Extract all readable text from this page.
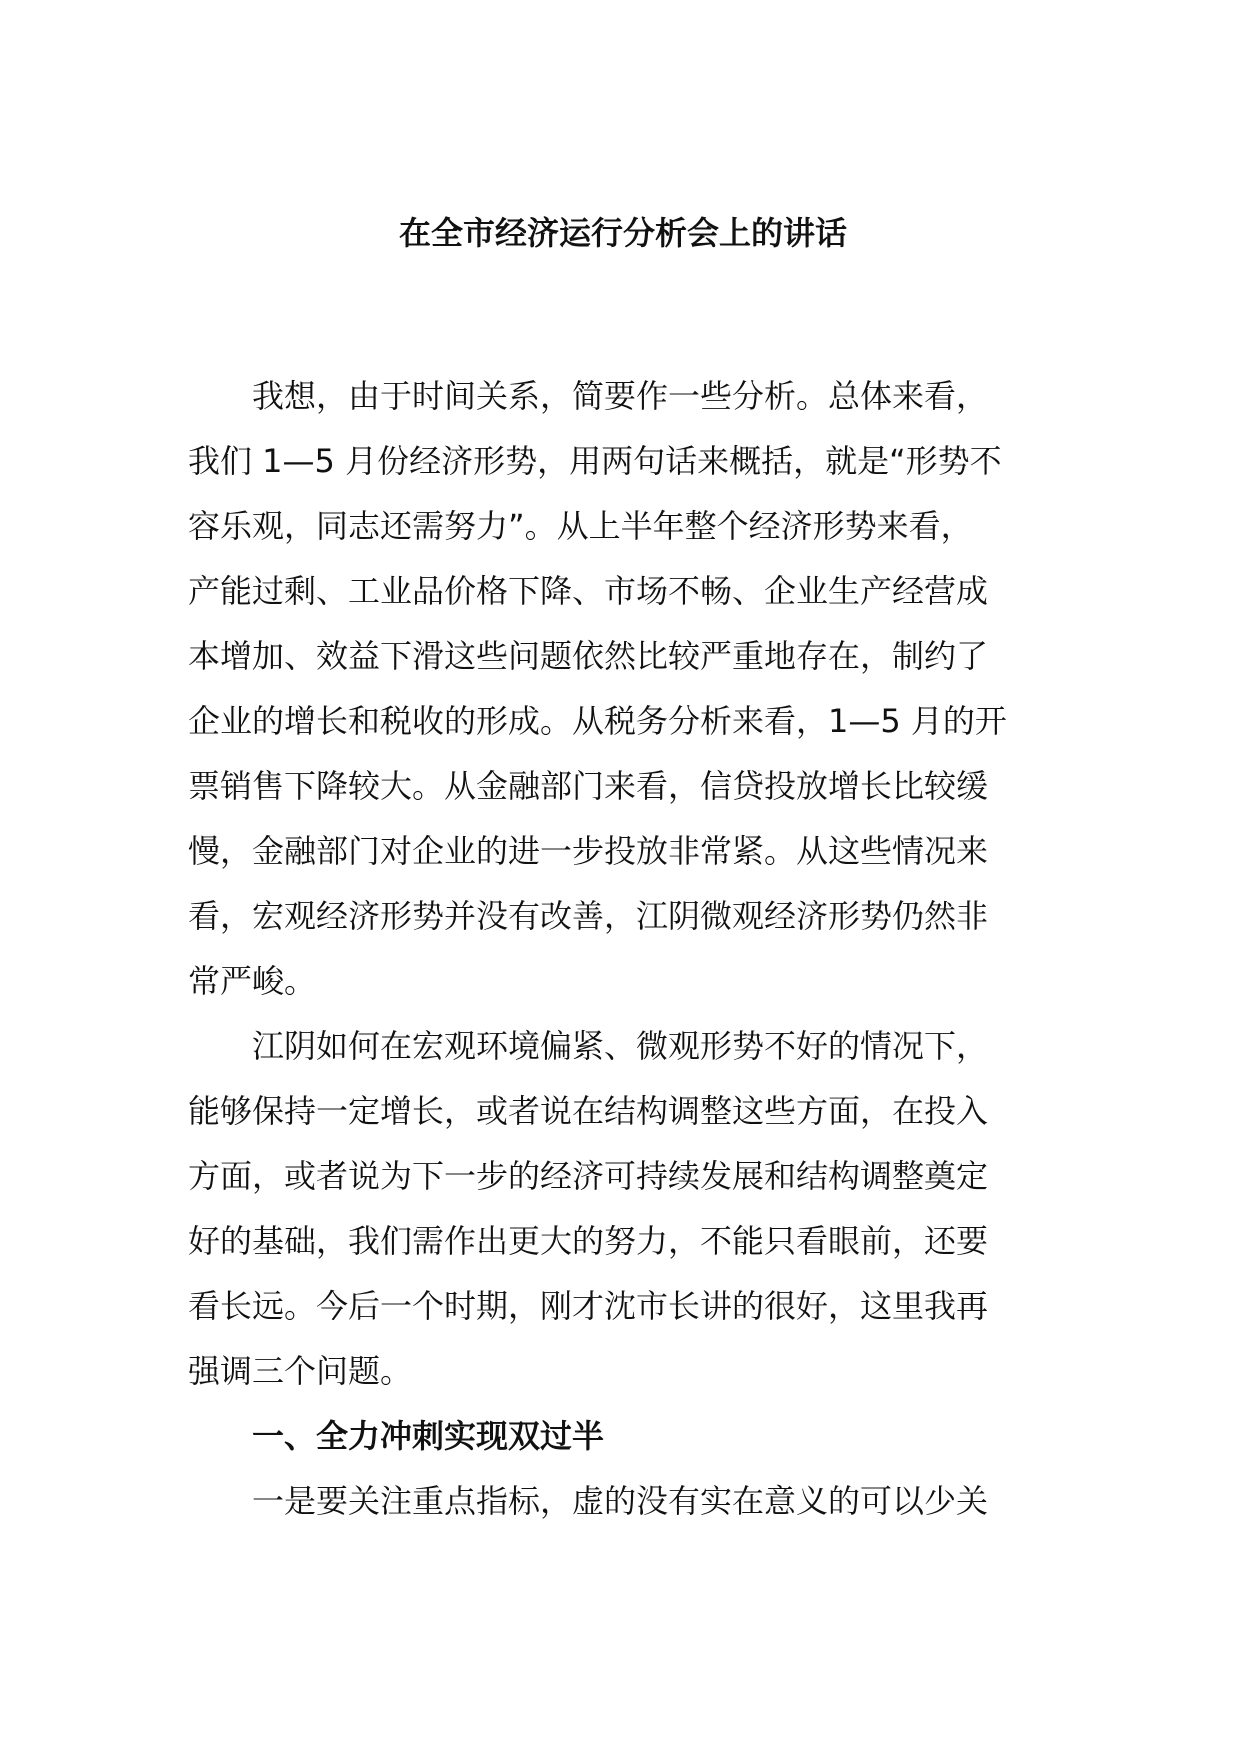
在全市经济运行分析会上的讲话
我想，由于时间关系，简要作一些分析。总体来看，
我们 1—5 月份经济形势，用两句话来概括，就是“形势不
容乐观，同志还需努力”。从上半年整个经济形势来看，
产能过剩、工业品价格下降、市场不畅、企业生产经营成
本增加、效益下滑这些问题依然比较严重地存在，制约了
企业的增长和税收的形成。从税务分析来看，1—5 月的开
票销售下降较大。从金融部门来看，信贷投放增长比较缓
慢，金融部门对企业的进一步投放非常紧。从这些情况来
看，宏观经济形势并没有改善，江阴微观经济形势仍然非
常严峻。
江阴如何在宏观环境偏紧、微观形势不好的情况下，
能够保持一定增长，或者说在结构调整这些方面，在投入
方面，或者说为下一步的经济可持续发展和结构调整奠定
好的基础，我们需作出更大的努力，不能只看眼前，还要
看长远。今后一个时期，刚才沈市长讲的很好，这里我再
强调三个问题。
一、全力冲刺实现双过半
一是要关注重点指标，虚的没有实在意义的可以少关
